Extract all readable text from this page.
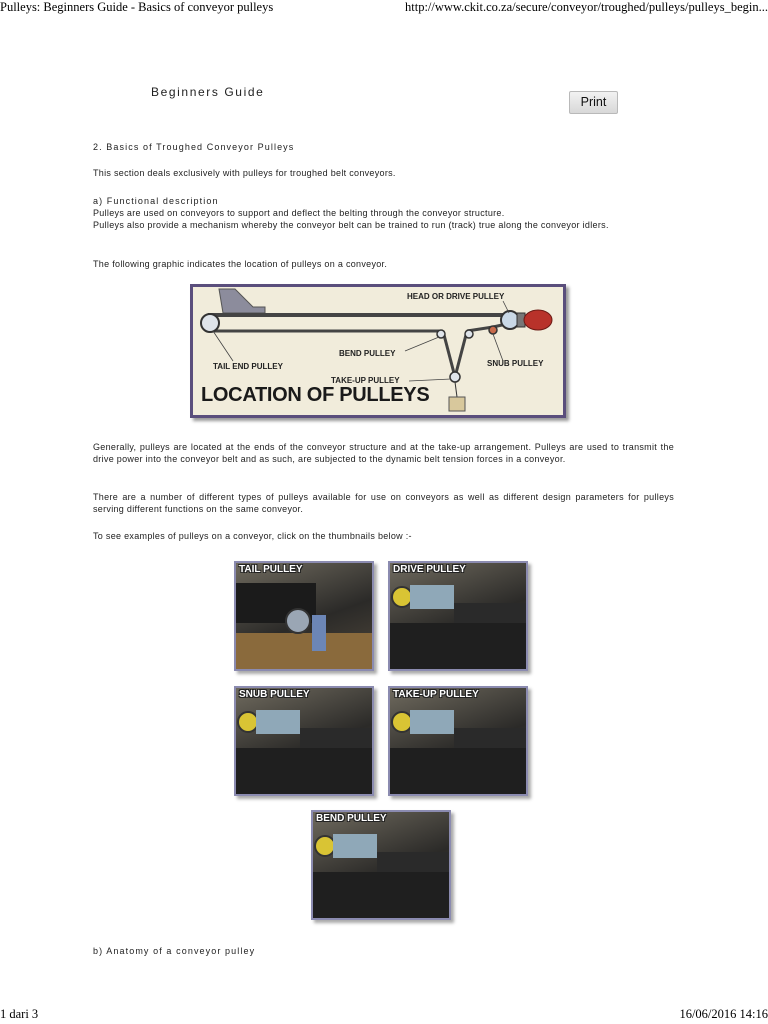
Pulleys: Beginners Guide - Basics of conveyor pulleys	http://www.ckit.co.za/secure/conveyor/troughed/pulleys/pulleys_begin...
Beginners Guide
Print
2. Basics of Troughed Conveyor Pulleys
This section deals exclusively with pulleys for troughed belt conveyors.
a) Functional description
Pulleys are used on conveyors to support and deflect the belting through the conveyor structure.
Pulleys also provide a mechanism whereby the conveyor belt can be trained to run (track) true along the conveyor idlers.
The following graphic indicates the location of pulleys on a conveyor.
HEAD OR DRIVE PULLEY
TAIL END PULLEY
BEND PULLEY
SNUB PULLEY
TAKE-UP PULLEY
LOCATION OF PULLEYS
Generally, pulleys are located at the ends of the conveyor structure and at the take-up arrangement. Pulleys are used to transmit the drive power into the conveyor belt and as such, are subjected to the dynamic belt tension forces in a conveyor.
There are a number of different types of pulleys available for use on conveyors as well as different design parameters for pulleys serving different functions on the same conveyor.
To see examples of pulleys on a conveyor, click on the thumbnails below :-
TAIL PULLEY	DRIVE PULLEY
SNUB PULLEY	TAKE-UP PULLEY
BEND PULLEY
b) Anatomy of a conveyor pulley
1 dari 3	16/06/2016 14:16
